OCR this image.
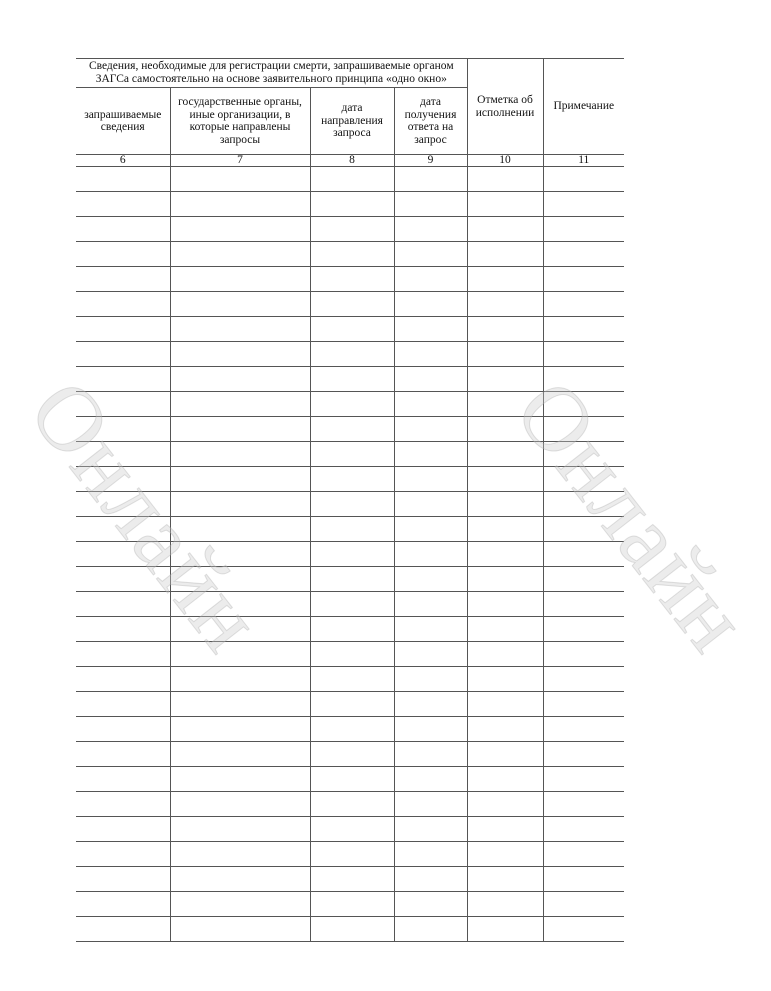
Сведения, необходимые для регистрации смерти, запрашиваемые органом ЗАГСа самостоятельно на основе заявительного принципа «одно окно»				Отметка об исполнении	Примечание
запрашиваемые сведения	государственные органы, иные организации, в которые направлены запросы	дата направления запроса	дата получения ответа на запрос		
6	7	8	9	10	11

Онлайн Онлайн
